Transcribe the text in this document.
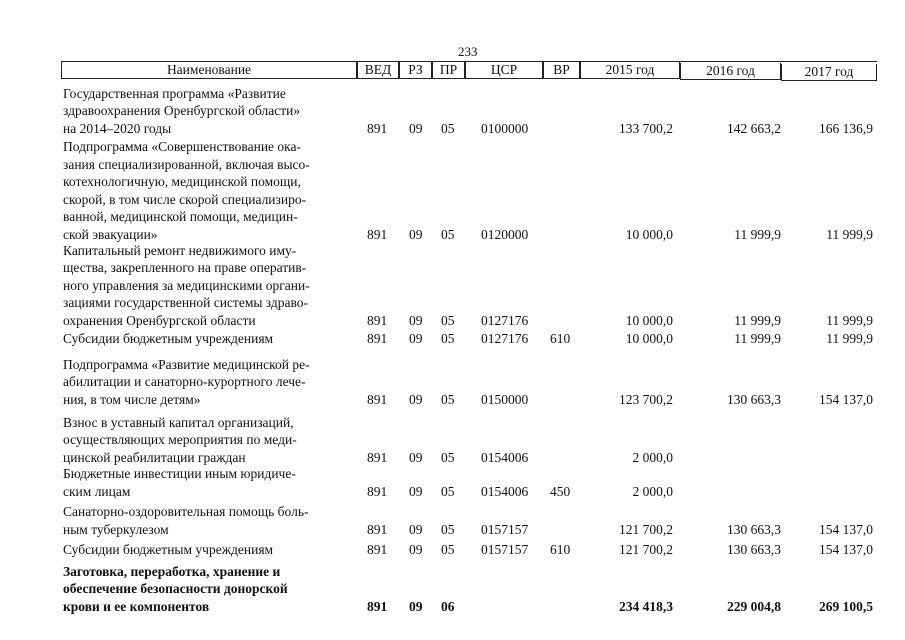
233
Наименование	ВЕД	РЗ	ПР	ЦСР	ВР	2015 год	2016 год	2017 год
Государственная программа «Развитие
здравоохранения Оренбургской области»
на 2014–2020 годы	891 09 05 0100000	133 700,2	142 663,2	166 136,9
Подпрограмма «Совершенствование ока-
зания специализированной, включая высо-
котехнологичную, медицинской помощи,
скорой, в том числе скорой специализиро-
ванной, медицинской помощи, медицин-
ской эвакуации»	891 09 05 0120000	10 000,0	11 999,9	11 999,9
Капитальный ремонт недвижимого иму-
щества, закрепленного на праве оператив-
ного управления за медицинскими органи-
зациями государственной системы здраво-
охранения Оренбургской области	891 09 05 0127176	10 000,0	11 999,9	11 999,9
Субсидии бюджетным учреждениям	891 09 05 0127176 610	10 000,0	11 999,9	11 999,9
Подпрограмма «Развитие медицинской ре-
абилитации и санаторно-курортного лече-
ния, в том числе детям»	891 09 05 0150000	123 700,2	130 663,3	154 137,0
Взнос в уставный капитал организаций,
осуществляющих мероприятия по меди-
цинской реабилитации граждан	891 09 05 0154006	2 000,0
Бюджетные инвестиции иным юридиче-
ским лицам	891 09 05 0154006 450	2 000,0
Санаторно-оздоровительная помощь боль-
ным туберкулезом	891 09 05 0157157	121 700,2	130 663,3	154 137,0
Субсидии бюджетным учреждениям	891 09 05 0157157 610	121 700,2	130 663,3	154 137,0
Заготовка, переработка, хранение и
обеспечение безопасности донорской
крови и ее компонентов	891 09 06	234 418,3	229 004,8	269 100,5
